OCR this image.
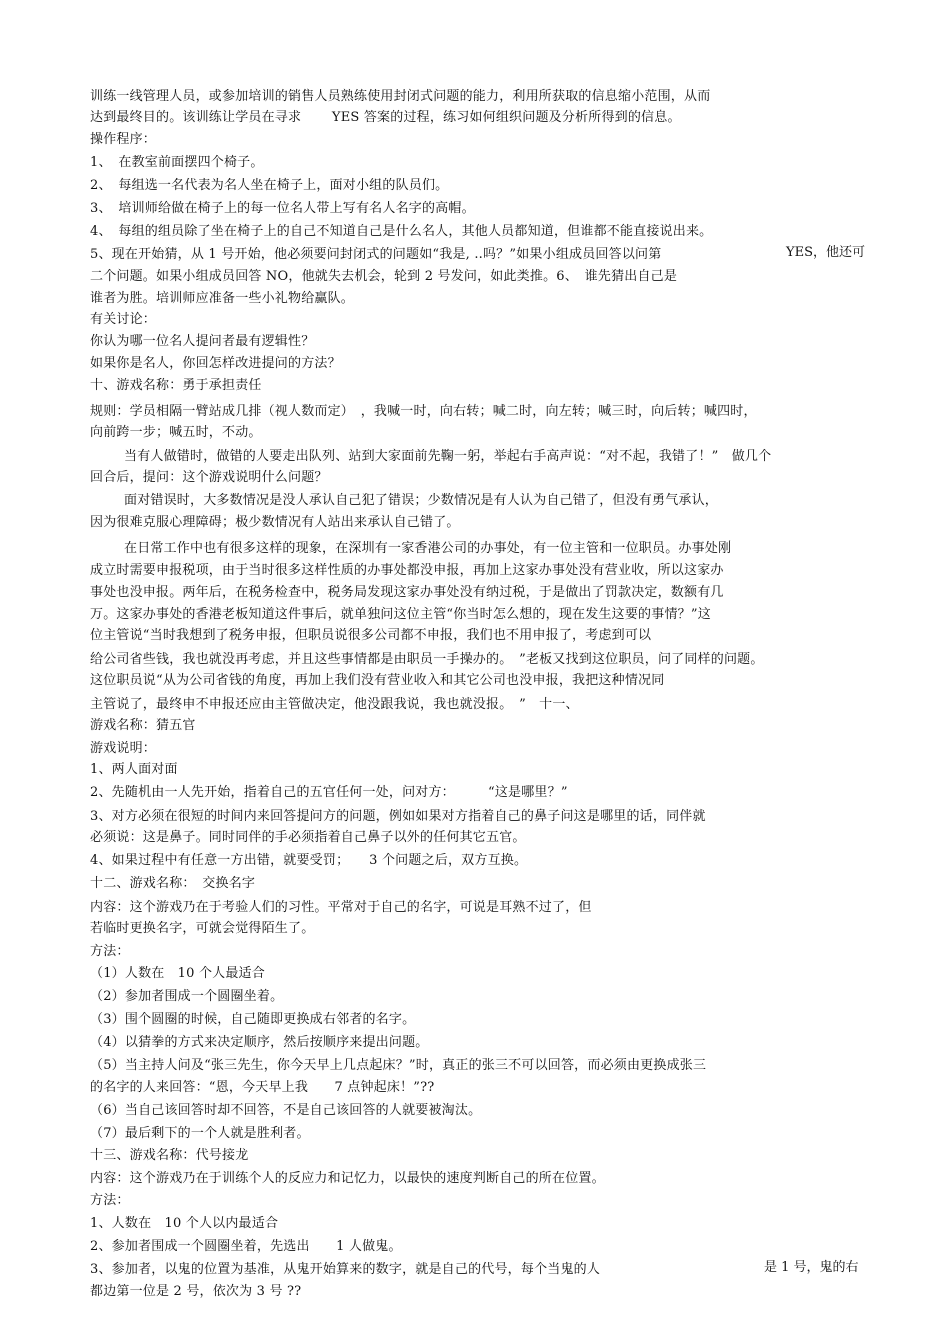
训练一线管理人员，或参加培训的销售人员熟练使用封闭式问题的能力，利用所获取的信息缩小范围，从而
达到最终目的。该训练让学员在寻求　　 YES 答案的过程，练习如何组织问题及分析所得到的信息。
操作程序：
1、　在教室前面摆四个椅子。
2、　每组选一名代表为名人坐在椅子上，面对小组的队员们。
3、　培训师给做在椅子上的每一位名人带上写有名人名字的高帽。
4、　每组的组员除了坐在椅子上的自己不知道自己是什么名人，其他人员都知道，但谁都不能直接说出来。
5、现在开始猜，从 1 号开始，他必须要问封闭式的问题如“我是, ..吗？”如果小组成员回答以问第	YES，他还可
二个问题。如果小组成员回答 NO，他就失去机会，轮到 2 号发问，如此类推。6、　谁先猜出自己是
谁者为胜。培训师应准备一些小礼物给赢队。
有关讨论：
你认为哪一位名人提问者最有逻辑性？
如果你是名人，你回怎样改进提问的方法？
十、游戏名称：勇于承担责任
规则：学员相隔一臂站成几排（视人数而定）　，我喊一时，向右转；喊二时，向左转；喊三时，向后转；喊四时，
向前跨一步；喊五时，不动。
当有人做错时，做错的人要走出队列、站到大家面前先鞠一躬，举起右手高声说：“对不起，我错了！”　做几个
回合后，提问：这个游戏说明什么问题？
面对错误时，大多数情况是没人承认自己犯了错误；少数情况是有人认为自己错了，但没有勇气承认，
因为很难克服心理障碍；极少数情况有人站出来承认自己错了。
在日常工作中也有很多这样的现象，在深圳有一家香港公司的办事处，有一位主管和一位职员。办事处刚
成立时需要申报税项，由于当时很多这样性质的办事处都没申报，再加上这家办事处没有营业收，所以这家办
事处也没申报。两年后，在税务检查中，税务局发现这家办事处没有纳过税，于是做出了罚款决定，数额有几
万。这家办事处的香港老板知道这件事后，就单独问这位主管“你当时怎么想的，现在发生这要的事情？”这
位主管说“当时我想到了税务申报，但职员说很多公司都不申报，我们也不用申报了，考虑到可以
给公司省些钱，我也就没再考虑，并且这些事情都是由职员一手操办的。　”老板又找到这位职员，问了同样的问题。
这位职员说“从为公司省钱的角度，再加上我们没有营业收入和其它公司也没申报，我把这种情况同
主管说了，最终申不申报还应由主管做决定，他没跟我说，我也就没报。　”　十一、
游戏名称：猜五官
游戏说明：
1、两人面对面
2、先随机由一人先开始，指着自己的五官任何一处，问对方：　　　“这是哪里？”
3、对方必须在很短的时间内来回答提问方的问题，例如如果对方指着自己的鼻子问这是哪里的话，同伴就
必须说：这是鼻子。同时同伴的手必须指着自己鼻子以外的任何其它五官。
4、如果过程中有任意一方出错，就要受罚；　　3 个问题之后，双方互换。
十二、游戏名称：　交换名字
内容：这个游戏乃在于考验人们的习性。平常对于自己的名字，可说是耳熟不过了，但
若临时更换名字，可就会觉得陌生了。
方法：
（1）人数在　10 个人最适合
（2）参加者围成一个圆圈坐着。
（3）围个圆圈的时候，自己随即更换成右邻者的名字。
（4）以猜拳的方式来决定顺序，然后按顺序来提出问题。
（5）当主持人问及“张三先生，你今天早上几点起床？”时，真正的张三不可以回答，而必须由更换成张三
的名字的人来回答：“恩，今天早上我　　7 点钟起床！”??
（6）当自己该回答时却不回答，不是自己该回答的人就要被淘汰。
（7）最后剩下的一个人就是胜利者。
十三、游戏名称：代号接龙
内容：这个游戏乃在于训练个人的反应力和记忆力，以最快的速度判断自己的所在位置。
方法：
1、人数在　10 个人以内最适合
2、参加者围成一个圆圈坐着，先选出　　1 人做鬼。
3、参加者，以鬼的位置为基准，从鬼开始算来的数字，就是自己的代号，每个当鬼的人	是 1 号，鬼的右
都边第一位是 2 号，依次为 3 号 ??
